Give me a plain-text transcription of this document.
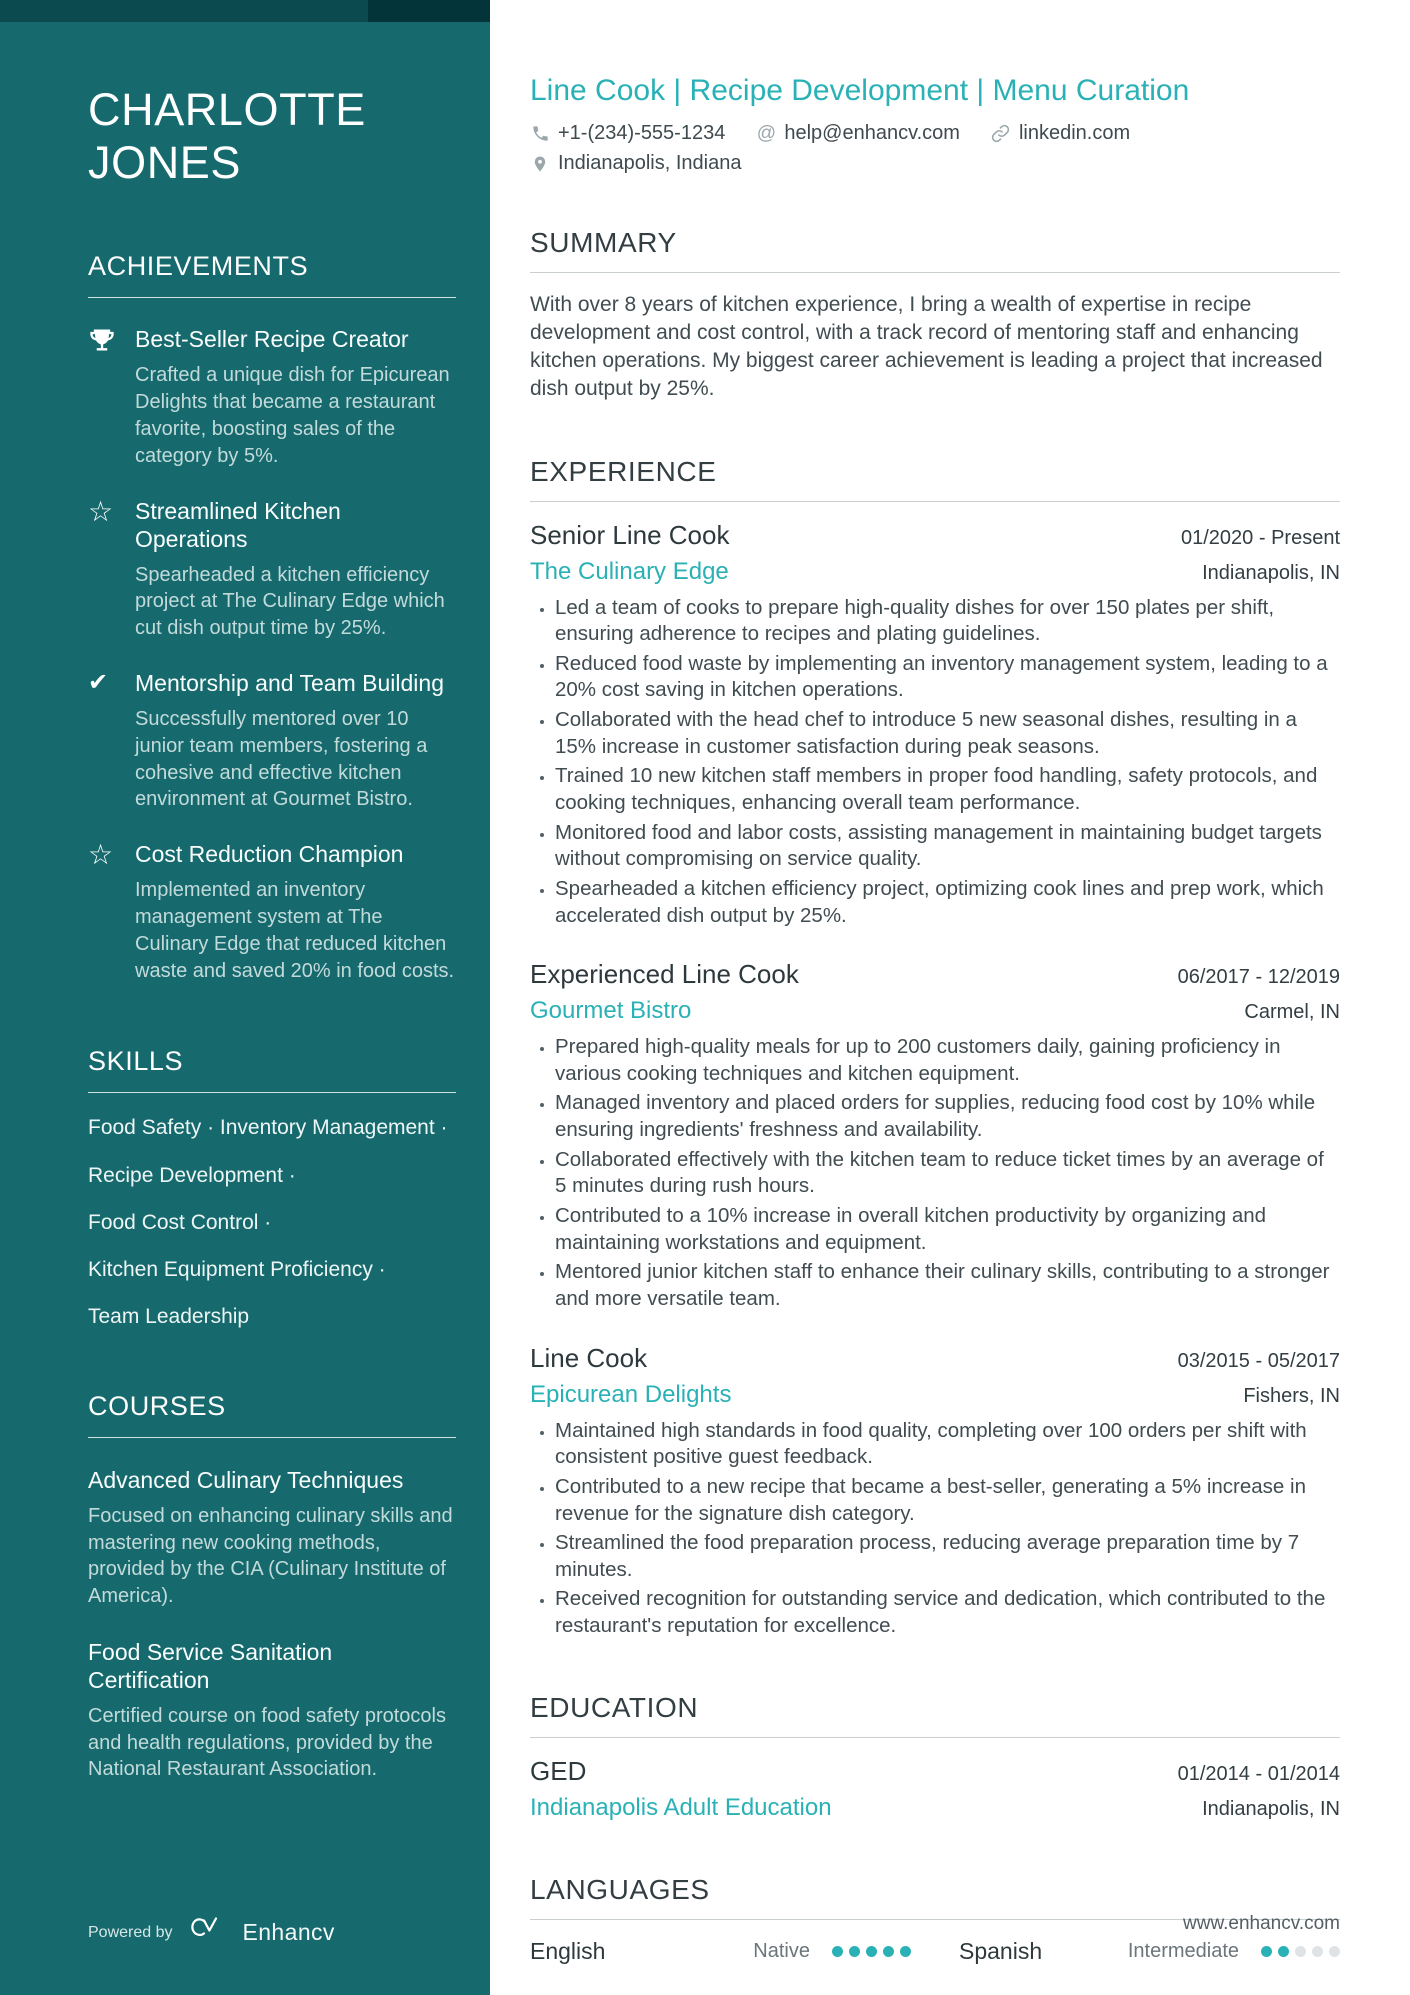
CHARLOTTE JONES
ACHIEVEMENTS

Best-Seller Recipe Creator

Crafted a unique dish for Epicurean Delights that became a restaurant favorite, boosting sales of the category by 5%.

☆ Streamlined Kitchen Operations

Spearheaded a kitchen efficiency project at The Culinary Edge which cut dish output time by 25%.

✔	Mentorship and Team Building

Successfully mentored over 10 junior team members, fostering a cohesive and effective kitchen environment at Gourmet Bistro.

☆ Cost Reduction Champion

Implemented an inventory management system at The Culinary Edge that reduced kitchen waste and saved 20% in food costs.

SKILLS
Food Safety · Inventory Management ·
Recipe Development ·
Food Cost Control ·
Kitchen Equipment Proficiency ·
Team Leadership
COURSES

Advanced Culinary Techniques

Focused on enhancing culinary skills and mastering new cooking methods, provided by the CIA (Culinary Institute of America).

Food Service Sanitation Certification

Certified course on food safety protocols and health regulations, provided by the National Restaurant Association.

Powered by	Enhancv
Line Cook | Recipe Development | Menu Curation
+1-(234)-555-1234 @ help@enhancv.com	linkedin.com
Indianapolis, Indiana
SUMMARY

With over 8 years of kitchen experience, I bring a wealth of expertise in recipe development and cost control, with a track record of mentoring staff and enhancing kitchen operations. My biggest career achievement is leading a project that increased dish output by 25%.

EXPERIENCE
Senior Line Cook	01/2020 - Present
The Culinary Edge	Indianapolis, IN
• Led a team of cooks to prepare high-quality dishes for over 150 plates per shift, ensuring adherence to recipes and plating guidelines.
• Reduced food waste by implementing an inventory management system, leading to a 20% cost saving in kitchen operations.
• Collaborated with the head chef to introduce 5 new seasonal dishes, resulting in a 15% increase in customer satisfaction during peak seasons.
• Trained 10 new kitchen staff members in proper food handling, safety protocols, and cooking techniques, enhancing overall team performance.
• Monitored food and labor costs, assisting management in maintaining budget targets without compromising on service quality.
• Spearheaded a kitchen efficiency project, optimizing cook lines and prep work, which accelerated dish output by 25%.
Experienced Line Cook	06/2017 - 12/2019
Gourmet Bistro	Carmel, IN
• Prepared high-quality meals for up to 200 customers daily, gaining proficiency in various cooking techniques and kitchen equipment.
• Managed inventory and placed orders for supplies, reducing food cost by 10% while ensuring ingredients' freshness and availability.
• Collaborated effectively with the kitchen team to reduce ticket times by an average of 5 minutes during rush hours.
• Contributed to a 10% increase in overall kitchen productivity by organizing and maintaining workstations and equipment.
• Mentored junior kitchen staff to enhance their culinary skills, contributing to a stronger and more versatile team.
Line Cook	03/2015 - 05/2017
Epicurean Delights	Fishers, IN
• Maintained high standards in food quality, completing over 100 orders per shift with consistent positive guest feedback.
• Contributed to a new recipe that became a best-seller, generating a 5% increase in revenue for the signature dish category.
• Streamlined the food preparation process, reducing average preparation time by 7 minutes.
• Received recognition for outstanding service and dedication, which contributed to the restaurant's reputation for excellence.
EDUCATION
GED	01/2014 - 01/2014
Indianapolis Adult Education	Indianapolis, IN
LANGUAGES
English	Native	Spanish	Intermediate
www.enhancv.com
